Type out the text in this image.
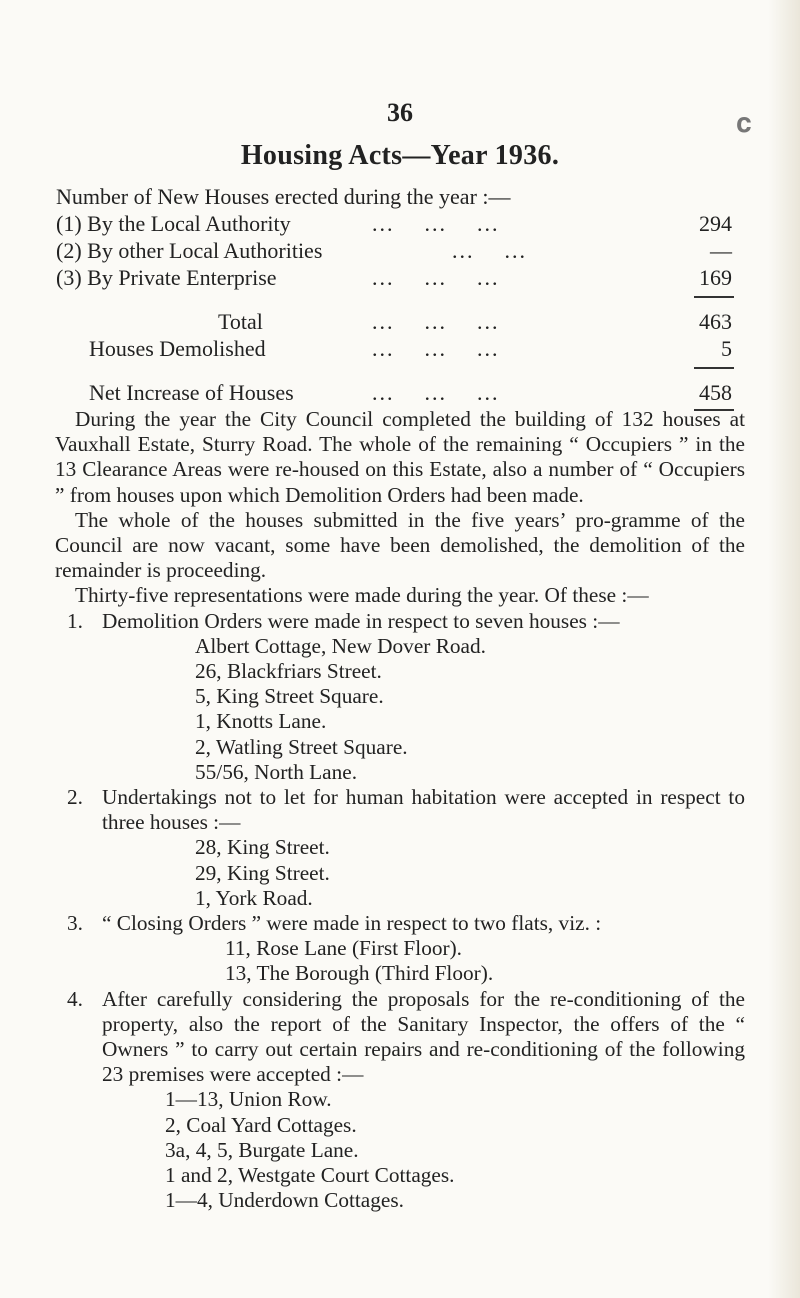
36	𝐜
Housing Acts—Year 1936.
Number of New Houses erected during the year :—
(1) By the Local Authority	...    ...    ...	294
(2) By other Local Authorities	...    ...	—
(3) By Private Enterprise	...    ...    ...	169
Total	...    ...    ...	463
Houses Demolished	...    ...    ...	5
Net Increase of Houses	...    ...    ...	458

During the year the City Council completed the building of 132 houses at Vauxhall Estate, Sturry Road. The whole of the remaining “ Occupiers ” in the 13 Clearance Areas were re-housed on this Estate, also a number of “ Occupiers ” from houses upon which Demolition Orders had been made.

The whole of the houses submitted in the five years’ pro-gramme of the Council are now vacant, some have been demolished, the demolition of the remainder is proceeding.

Thirty-five representations were made during the year. Of these :—

1. Demolition Orders were made in respect to seven houses :—
Albert Cottage, New Dover Road.
26, Blackfriars Street.
5, King Street Square.
1, Knotts Lane.
2, Watling Street Square.
55/56, North Lane.
2. Undertakings not to let for human habitation were accepted in respect to three houses :—
28, King Street.
29, King Street.
1, York Road.
3. “ Closing Orders ” were made in respect to two flats, viz. :
11, Rose Lane (First Floor).
13, The Borough (Third Floor).
4. After carefully considering the proposals for the re-conditioning of the property, also the report of the Sanitary Inspector, the offers of the “ Owners ” to carry out certain repairs and re-conditioning of the following 23 premises were accepted :—
1—13, Union Row.
2, Coal Yard Cottages.
3a, 4, 5, Burgate Lane.
1 and 2, Westgate Court Cottages.
1—4, Underdown Cottages.
